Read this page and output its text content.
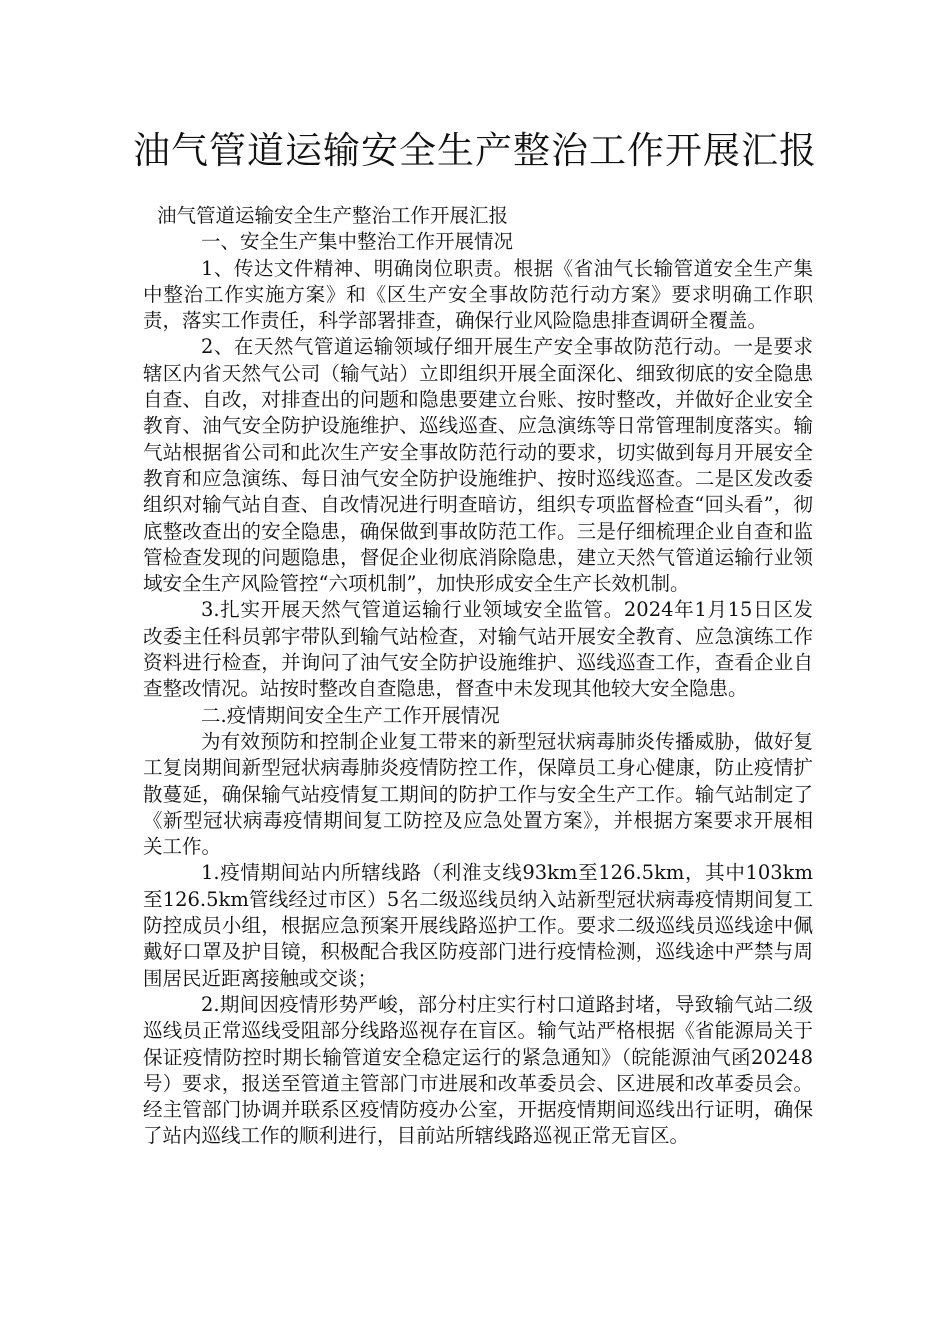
油气管道运输安全生产整治工作开展汇报

油气管道运输安全生产整治工作开展汇报

一、安全生产集中整治工作开展情况

1、传达文件精神、明确岗位职责。根据《省油气长输管道安全生产集中整治工作实施方案》和《区生产安全事故防范行动方案》要求明确工作职责，落实工作责任，科学部署排查，确保行业风险隐患排查调研全覆盖。

2、在天然气管道运输领域仔细开展生产安全事故防范行动。一是要求辖区内省天然气公司（输气站）立即组织开展全面深化、细致彻底的安全隐患自查、自改，对排查出的问题和隐患要建立台账、按时整改，并做好企业安全教育、油气安全防护设施维护、巡线巡查、应急演练等日常管理制度落实。输气站根据省公司和此次生产安全事故防范行动的要求，切实做到每月开展安全教育和应急演练、每日油气安全防护设施维护、按时巡线巡查。二是区发改委组织对输气站自查、自改情况进行明查暗访，组织专项监督检查“回头看”，彻底整改查出的安全隐患，确保做到事故防范工作。三是仔细梳理企业自查和监管检查发现的问题隐患，督促企业彻底消除隐患，建立天然气管道运输行业领域安全生产风险管控“六项机制”，加快形成安全生产长效机制。

3.扎实开展天然气管道运输行业领域安全监管。2024年1月15日区发改委主任科员郭宇带队到输气站检查，对输气站开展安全教育、应急演练工作资料进行检查，并询问了油气安全防护设施维护、巡线巡查工作，查看企业自查整改情况。站按时整改自查隐患，督查中未发现其他较大安全隐患。

二.疫情期间安全生产工作开展情况

为有效预防和控制企业复工带来的新型冠状病毒肺炎传播威胁，做好复工复岗期间新型冠状病毒肺炎疫情防控工作，保障员工身心健康，防止疫情扩散蔓延，确保输气站疫情复工期间的防护工作与安全生产工作。输气站制定了《新型冠状病毒疫情期间复工防控及应急处置方案》，并根据方案要求开展相关工作。

1.疫情期间站内所辖线路（利淮支线93km至126.5km，其中103km至126.5km管线经过市区）5名二级巡线员纳入站新型冠状病毒疫情期间复工防控成员小组，根据应急预案开展线路巡护工作。要求二级巡线员巡线途中佩戴好口罩及护目镜，积极配合我区防疫部门进行疫情检测，巡线途中严禁与周围居民近距离接触或交谈；

2.期间因疫情形势严峻，部分村庄实行村口道路封堵，导致输气站二级巡线员正常巡线受阻部分线路巡视存在盲区。输气站严格根据《省能源局关于保证疫情防控时期长输管道安全稳定运行的紧急通知》（皖能源油气函20248号）要求，报送至管道主管部门市进展和改革委员会、区进展和改革委员会。经主管部门协调并联系区疫情防疫办公室，开据疫情期间巡线出行证明，确保了站内巡线工作的顺利进行，目前站所辖线路巡视正常无盲区。
